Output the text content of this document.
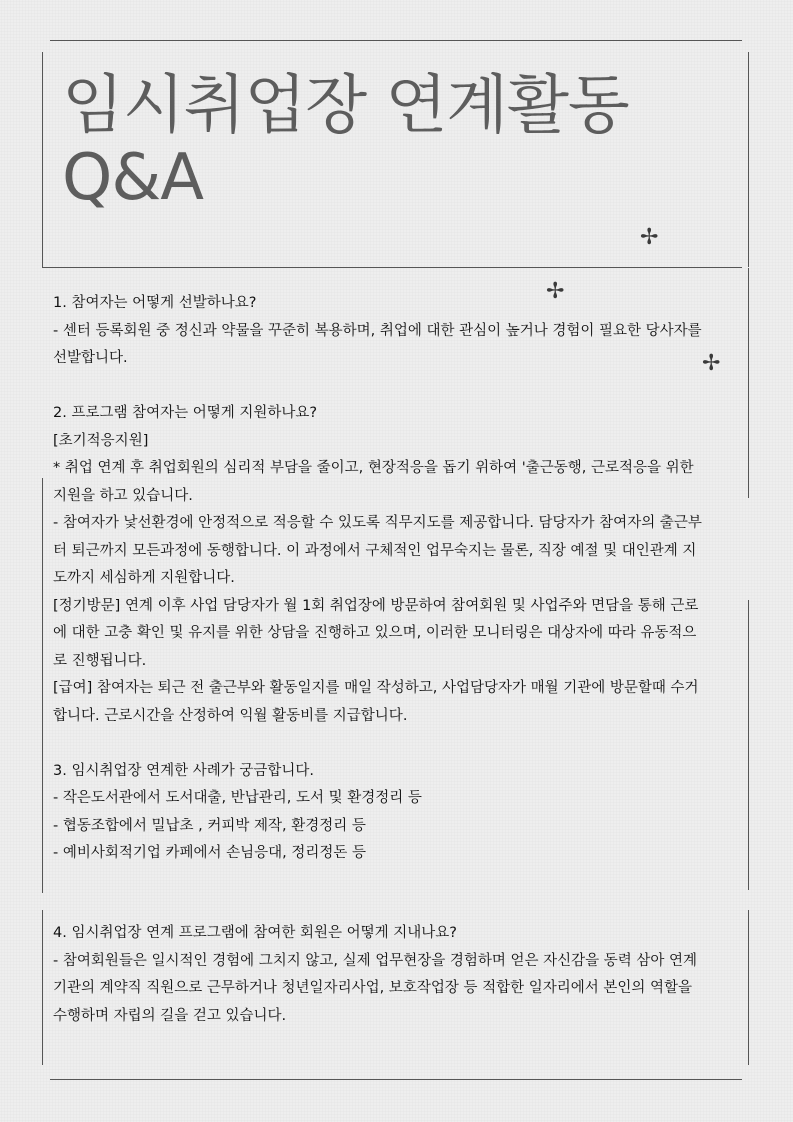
임시취업장 연계활동
Q&A
✢
✢
✢

1. 참여자는 어떻게 선발하나요?

- 센터 등록회원 중 정신과 약물을 꾸준히 복용하며, 취업에 대한 관심이 높거나 경험이 필요한 당사자를

선발합니다.

2. 프로그램 참여자는 어떻게 지원하나요?

[초기적응지원]

* 취업 연계 후 취업회원의 심리적 부담을 줄이고, 현장적응을 돕기 위하여 '출근동행, 근로적응을 위한

지원을 하고 있습니다.

- 참여자가 낯선환경에 안정적으로 적응할 수 있도록 직무지도를 제공합니다. 담당자가 참여자의 출근부

터 퇴근까지 모든과정에 동행합니다. 이 과정에서 구체적인 업무숙지는 물론, 직장 예절 및 대인관계 지

도까지 세심하게 지원합니다.

[정기방문] 연계 이후 사업 담당자가 월 1회 취업장에 방문하여 참여회원 및 사업주와 면담을 통해 근로

에 대한 고충 확인 및 유지를 위한 상담을 진행하고 있으며, 이러한 모니터링은 대상자에 따라 유동적으

로 진행됩니다.

[급여] 참여자는 퇴근 전 출근부와 활동일지를 매일 작성하고, 사업담당자가 매월 기관에 방문할때 수거

합니다. 근로시간을 산정하여 익월 활동비를 지급합니다.

3. 임시취업장 연계한 사례가 궁금합니다.

- 작은도서관에서 도서대출, 반납관리, 도서 및 환경정리 등

- 협동조합에서 밀납초 , 커피박 제작, 환경정리 등

- 예비사회적기업 카페에서 손님응대, 정리정돈 등

4. 임시취업장 연계 프로그램에 참여한 회원은 어떻게 지내나요?

- 참여회원들은 일시적인 경험에 그치지 않고, 실제 업무현장을 경험하며 얻은 자신감을 동력 삼아 연계

기관의 계약직 직원으로 근무하거나 청년일자리사업, 보호작업장 등 적합한 일자리에서 본인의 역할을

수행하며 자립의 길을 걷고 있습니다.
